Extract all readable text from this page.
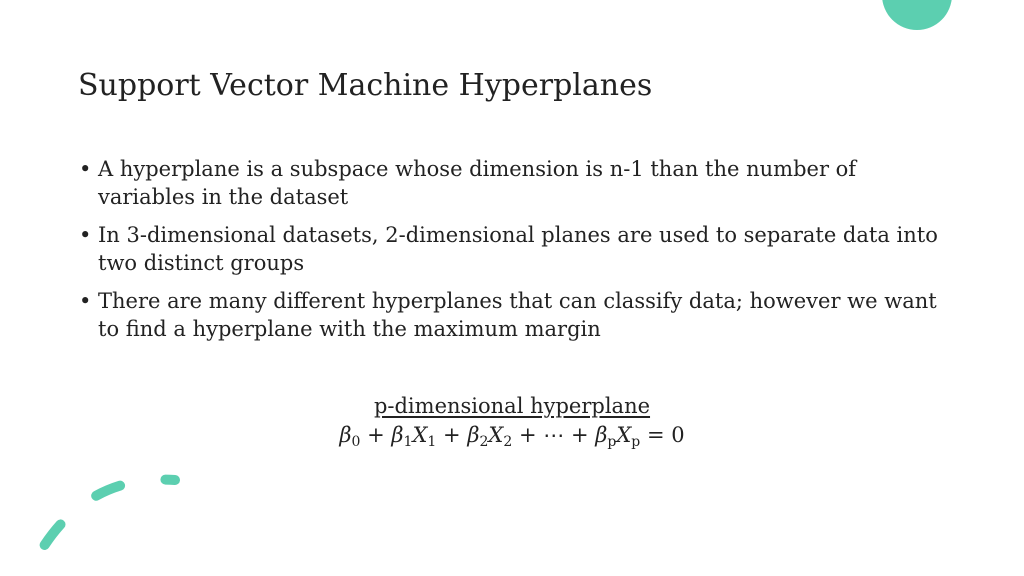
Support Vector Machine Hyperplanes
• A hyperplane is a subspace whose dimension is n-1 than the number of variables in the dataset
• In 3-dimensional datasets, 2-dimensional planes are used to separate data into two distinct groups
• There are many different hyperplanes that can classify data; however we want to find a hyperplane with the maximum margin
p-dimensional hyperplane
$\beta_0 + \beta_1X_1 + \beta_2X_2$ + ⋯ + $\beta_pX_p = 0$
